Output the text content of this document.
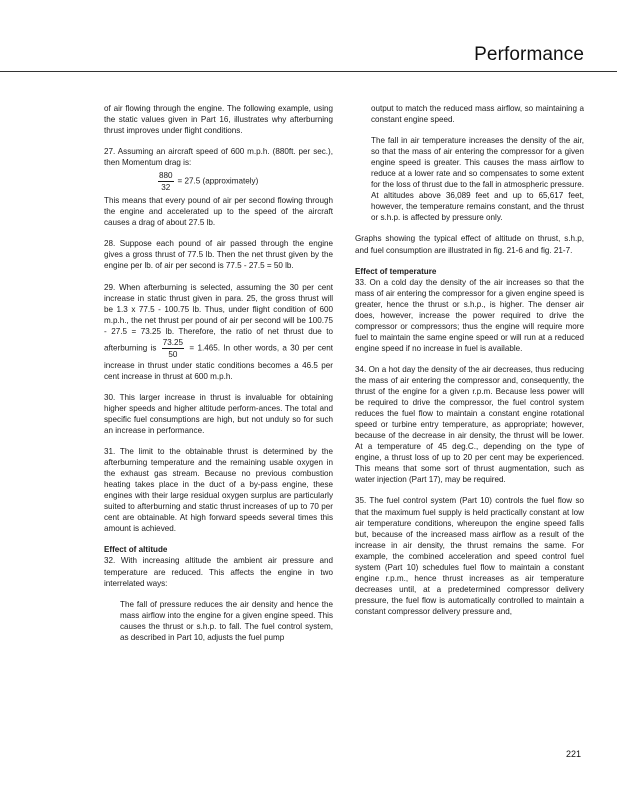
Performance

of air flowing through the engine. The following example, using the static values given in Part 16, illustrates why afterburning thrust improves under flight conditions.

27. Assuming an aircraft speed of 600 m.p.h. (880ft. per sec.), then Momentum drag is:
$\frac{880}{32} = 27.5$ (approximately)
This means that every pound of air per second flowing through the engine and accelerated up to the speed of the aircraft causes a drag of about 27.5 lb.

28. Suppose each pound of air passed through the engine gives a gross thrust of 77.5 lb. Then the net thrust given by the engine per lb. of air per second is 77.5 - 27.5 = 50 lb.

29. When afterburning is selected, assuming the 30 per cent increase in static thrust given in para. 25, the gross thrust will be 1.3 x 77.5 - 100.75 lb. Thus, under flight condition of 600 m.p.h., the net thrust per pound of air per second will be 100.75 - 27.5 = 73.25 lb. Therefore, the ratio of net thrust due to afterburning is $\frac{73.25}{50} = 1.465$. In other words, a 30 per cent increase in thrust under static conditions becomes a 46.5 per cent increase in thrust at 600 m.p.h.

30. This larger increase in thrust is invaluable for obtaining higher speeds and higher altitude perform-ances. The total and specific fuel consumptions are high, but not unduly so for such an increase in performance.

31. The limit to the obtainable thrust is determined by the afterburning temperature and the remaining usable oxygen in the exhaust gas stream. Because no previous combustion heating takes place in the duct of a by-pass engine, these engines with their large residual oxygen surplus are particularly suited to afterburning and static thrust increases of up to 70 per cent are obtainable. At high forward speeds several times this amount is achieved.

Effect of altitude

32. With increasing altitude the ambient air pressure and temperature are reduced. This affects the engine in two interrelated ways:

The fall of pressure reduces the air density and hence the mass airflow into the engine for a given engine speed. This causes the thrust or s.h.p. to fall. The fuel control system, as described in Part 10, adjusts the fuel pump

output to match the reduced mass airflow, so maintaining a constant engine speed.

The fall in air temperature increases the density of the air, so that the mass of air entering the compressor for a given engine speed is greater. This causes the mass airflow to reduce at a lower rate and so compensates to some extent for the loss of thrust due to the fall in atmospheric pressure. At altitudes above 36,089 feet and up to 65,617 feet, however, the temperature remains constant, and the thrust or s.h.p. is affected by pressure only.

Graphs showing the typical effect of altitude on thrust, s.h.p, and fuel consumption are illustrated in fig. 21-6 and fig. 21-7.

Effect of temperature

33. On a cold day the density of the air increases so that the mass of air entering the compressor for a given engine speed is greater, hence the thrust or s.h.p., is higher. The denser air does, however, increase the power required to drive the compressor or compressors; thus the engine will require more fuel to maintain the same engine speed or will run at a reduced engine speed if no increase in fuel is available.

34. On a hot day the density of the air decreases, thus reducing the mass of air entering the compressor and, consequently, the thrust of the engine for a given r.p.m. Because less power will be required to drive the compressor, the fuel control system reduces the fuel flow to maintain a constant engine rotational speed or turbine entry temperature, as appropriate; however, because of the decrease in air density, the thrust will be lower. At a temperature of 45 deg.C., depending on the type of engine, a thrust loss of up to 20 per cent may be experienced. This means that some sort of thrust augmentation, such as water injection (Part 17), may be required.

35. The fuel control system (Part 10) controls the fuel flow so that the maximum fuel supply is held practically constant at low air temperature conditions, whereupon the engine speed falls but, because of the increased mass airflow as a result of the increase in air density, the thrust remains the same. For example, the combined acceleration and speed control fuel system (Part 10) schedules fuel flow to maintain a constant engine r.p.m., hence thrust increases as air temperature decreases until, at a predetermined compressor delivery pressure, the fuel flow is automatically controlled to maintain a constant compressor delivery pressure and,

221
